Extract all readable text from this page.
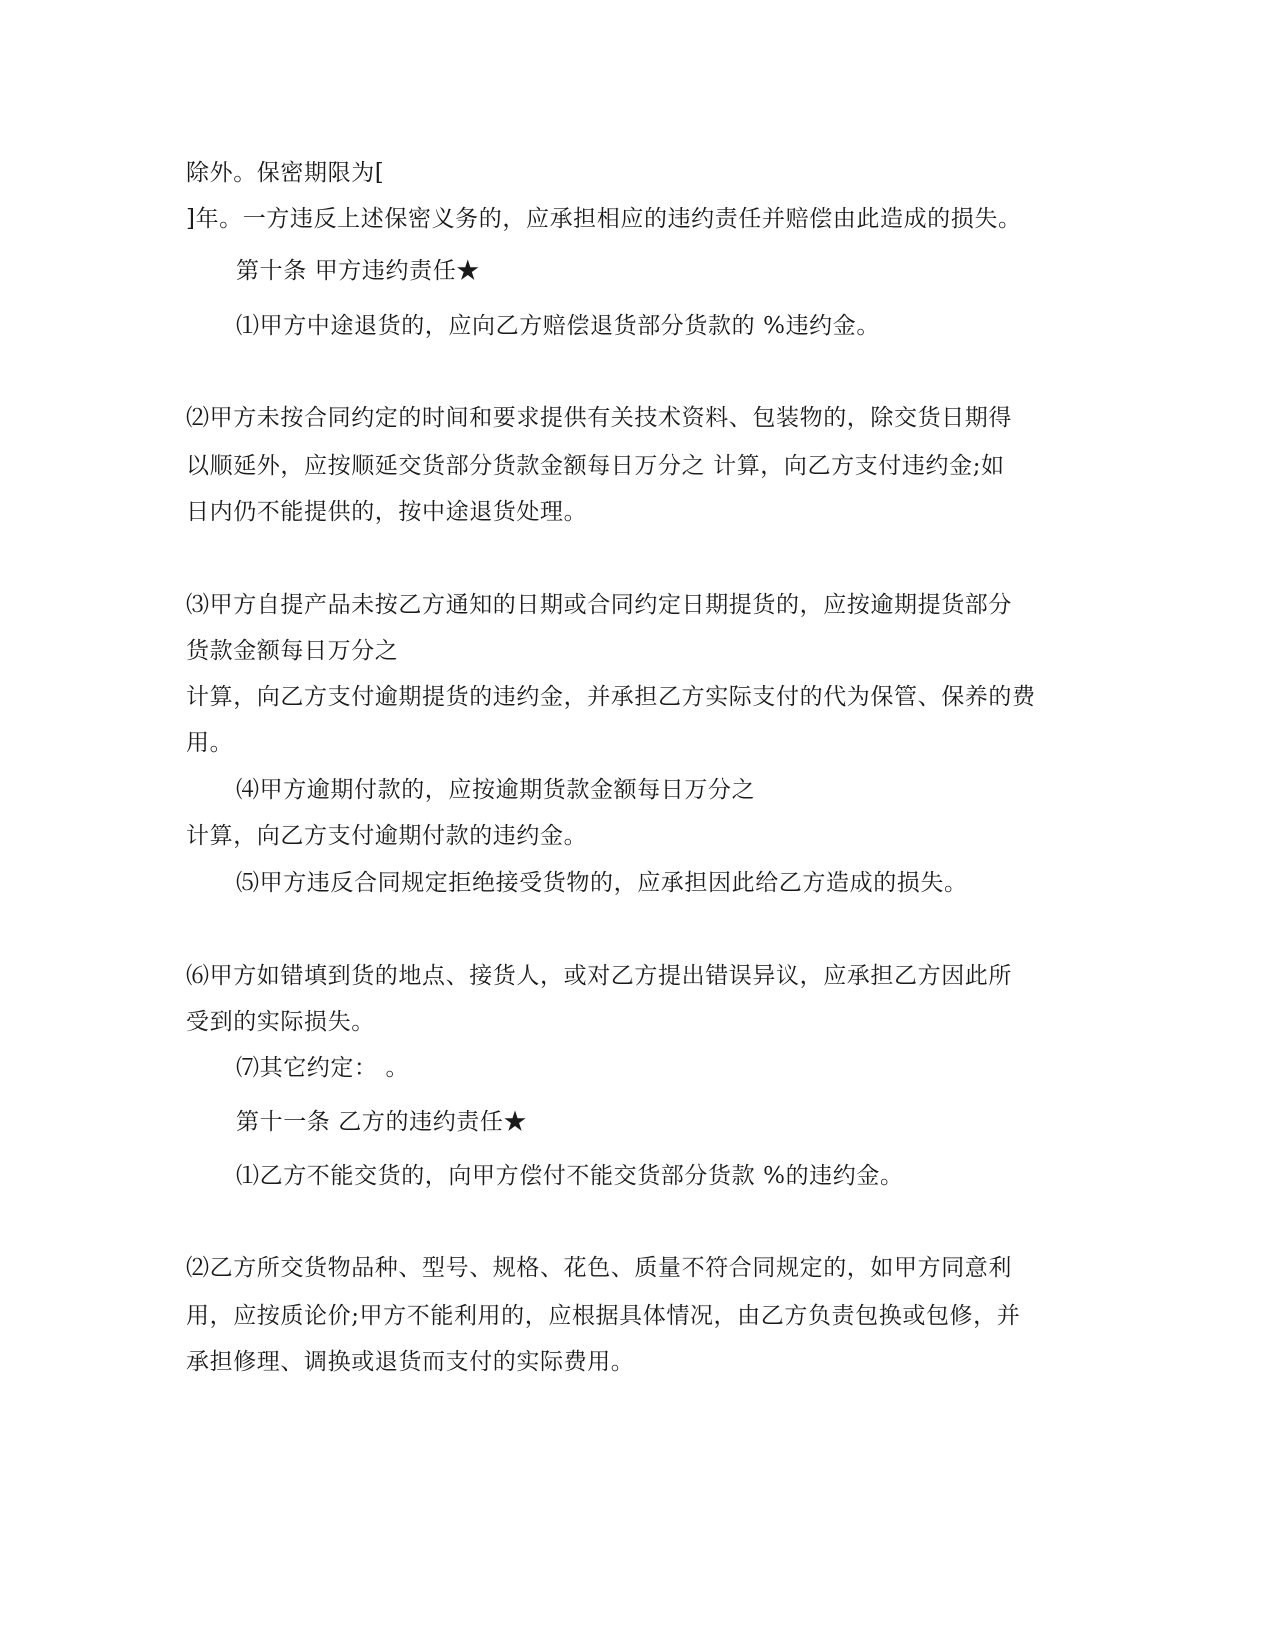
除外。保密期限为[
]年。一方违反上述保密义务的，应承担相应的违约责任并赔偿由此造成的损失。
第十条 甲方违约责任★
⑴甲方中途退货的，应向乙方赔偿退货部分货款的 %违约金。
⑵甲方未按合同约定的时间和要求提供有关技术资料、包装物的，除交货日期得
以顺延外，应按顺延交货部分货款金额每日万分之 计算，向乙方支付违约金;如
日内仍不能提供的，按中途退货处理。
⑶甲方自提产品未按乙方通知的日期或合同约定日期提货的，应按逾期提货部分
货款金额每日万分之
计算，向乙方支付逾期提货的违约金，并承担乙方实际支付的代为保管、保养的费
用。
⑷甲方逾期付款的，应按逾期货款金额每日万分之
计算，向乙方支付逾期付款的违约金。
⑸甲方违反合同规定拒绝接受货物的，应承担因此给乙方造成的损失。
⑹甲方如错填到货的地点、接货人，或对乙方提出错误异议，应承担乙方因此所
受到的实际损失。
⑺其它约定： 。
第十一条 乙方的违约责任★
⑴乙方不能交货的，向甲方偿付不能交货部分货款 %的违约金。
⑵乙方所交货物品种、型号、规格、花色、质量不符合同规定的，如甲方同意利
用，应按质论价;甲方不能利用的，应根据具体情况，由乙方负责包换或包修，并
承担修理、调换或退货而支付的实际费用。
